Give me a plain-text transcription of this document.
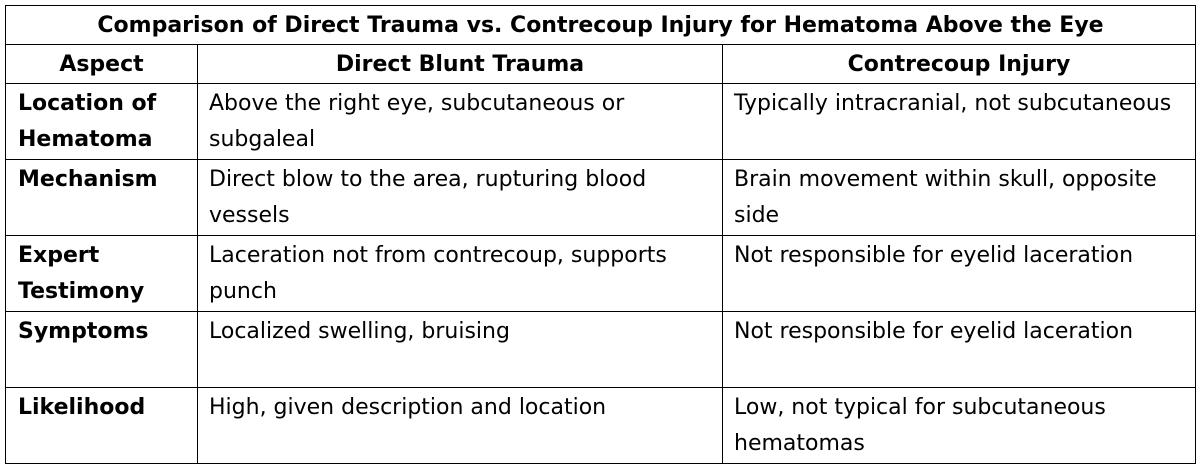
Comparison of Direct Trauma vs. Contrecoup Injury for Hematoma Above the Eye		
Aspect	Direct Blunt Trauma	Contrecoup Injury
Location of Hematoma	Above the right eye, subcutaneous or subgaleal	Typically intracranial, not subcutaneous
Mechanism	Direct blow to the area, rupturing blood vessels	Brain movement within skull, opposite side
Expert Testimony	Laceration not from contrecoup, supports punch	Not responsible for eyelid laceration
Symptoms	Localized swelling, bruising	Not responsible for eyelid laceration
Likelihood	High, given description and location	Low, not typical for subcutaneous hematomas
